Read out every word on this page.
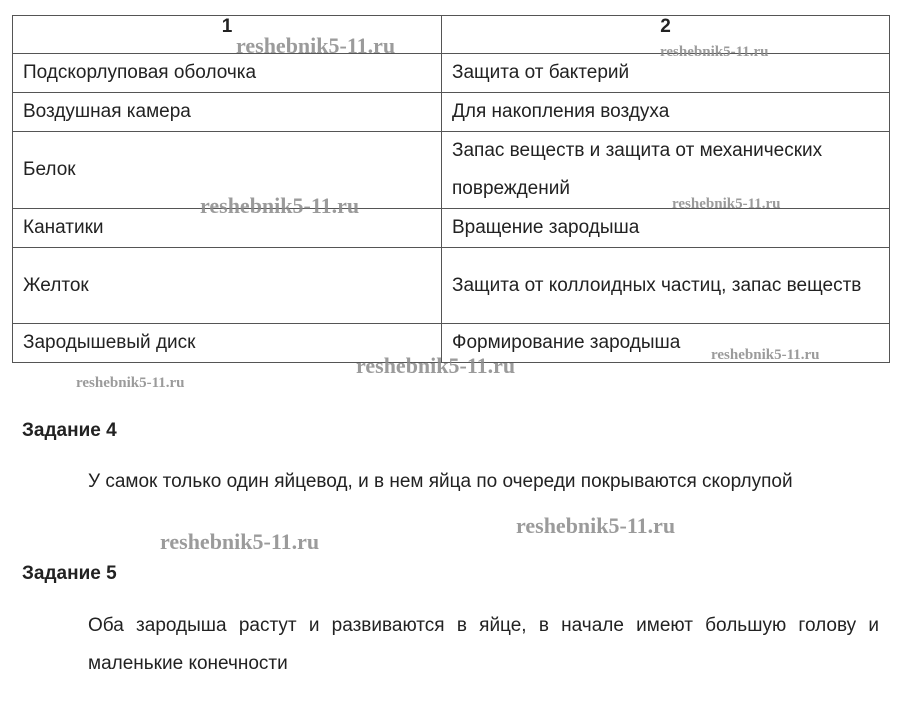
1	2
Подскорлуповая оболочка	Защита от бактерий
Воздушная камера	Для накопления воздуха
Белок	Запас веществ и защита от механических повреждений
Канатики	Вращение зародыша
Желток	Защита от коллоидных частиц, запас веществ
Зародышевый диск	Формирование зародыша
Задание 4
У самок только один яйцевод, и в нем яйца по очереди покрываются скорлупой
Задание 5
Оба зародыша растут и развиваются в яйце, в начале имеют большую голову и маленькие конечности
reshebnik5-11.ru	reshebnik5-11.ru
reshebnik5-11.ru	reshebnik5-11.ru
reshebnik5-11.ru	reshebnik5-11.ru
reshebnik5-11.ru
reshebnik5-11.ru
reshebnik5-11.ru
